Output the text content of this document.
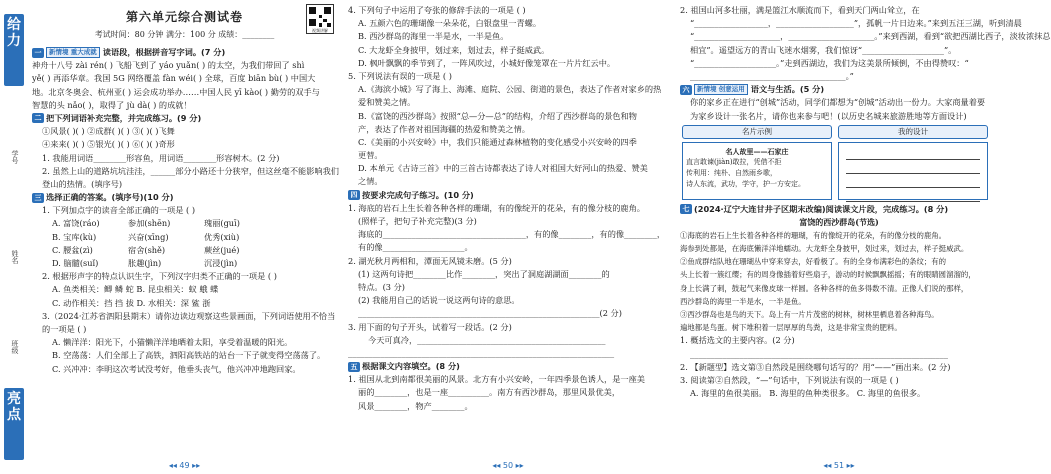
给力
学号
姓名
班级
亮点
第六单元综合测试卷
考试时间：80 分钟 满分：100 分 成绩：________	视频讲解
一 新情境 重大成就 读语段，根据拼音写字词。(7 分)
神舟十八号 zài rén( ) 飞船飞到了 yáo yuǎn( ) 的太空，为我们带回了 shì
yě( ) 再添华章。我国 5G 网络覆盖 fàn wéi( ) 全球，百度 biān bù( ) 中国大
地。北京冬奥会、杭州亚( ) 运会成功举办……中国人民 yī kào( ) 勤劳的双手与
智慧的头 nǎo( )，取得了 jù dà( ) 的成就！
二 把下列词语补充完整，并完成练习。(9 分)
①风景( )( ) ②成群( )( ) ③( )( )飞舞
④来来( )( ) ⑤银光( )( ) ⑥( )( )奇形
1. 我能用词语________形容鱼，用词语________形容树木。(2 分)
2. 虽然上山的道路坑坑洼洼，______部分小路还十分狭窄，但这丝毫不能影响我们
登山的热情。(填序号)
三 选择正确的答案。(填序号)(10 分)
1. 下列加点字的读音全部正确的一项是 ( )
A. 富饶(ráo)	参加(shēn)	瑰丽(guī)
B. 宝库(kù)	兴奋(xīng)	优秀(xiù)
C. 腰盆(zì)	宿舍(shě)	蕨丝(jué)
D. 脑髓(suǐ)	胀趣(jìn)	沉浸(jìn)
2. 根据形声字的特点认识生字，下列汉字归类不正确的一项是 ( )
A. 鱼类相关：鲫 鳞 蛇 B. 昆虫相关：蚁 蛾 蝶
C. 动作相关：挡 挡 拔 D. 水相关：深 鲨 浙
3.（2024·江苏省泗阳县期末）请你边读边观察这些景画面，下列词语使用不恰当
的一项是 ( )
A. 懒洋洋：阳光下，小猫懒洋洋地晒着太阳，享受着温暖的阳光。
B. 空荡荡：人们全部上了高铁，泗阳高铁站的站台一下子就变得空荡荡了。
C. 兴冲冲：李明这次考试没考好，他垂头丧气，他兴冲冲地跑回家。
◂◂ 49 ▸▸
4. 下列句子中运用了夸张的修辞手法的一项是 ( )
A. 五颜六色的珊瑚像一朵朵花，白银盘里一青螺。
B. 西沙群岛的海里一半是水，一半是鱼。
C. 大龙虾全身披甲，划过来，划过去，样子挺威武。
D. 枫叶飘飘的季节到了，一阵风吹过，小城好像笼罩在一片片红云中。
5. 下列说法有误的一项是 ( )
A.《海滨小城》写了海上、海滩、庭院、公园、街道的景色，表达了作者对家乡的热
爱和赞美之情。
B.《富饶的西沙群岛》按照“总—分—总”的结构，介绍了西沙群岛的景色和物
产，表达了作者对祖国海疆的热爱和赞美之情。
C.《美丽的小兴安岭》中，我们只能通过森林植物的变化感受小兴安岭的四季
更替。
D. 本单元《古诗三首》中的三首古诗都表达了诗人对祖国大好河山的热爱、赞美
之情。
四 按要求完成句子练习。(10 分)
1. 海底的岩石上生长着各种各样的珊瑚，有的像绽开的花朵，有的像分枝的鹿角。
(照样子，把句子补充完整)(3 分)
海底的___________________________________，有的像________，有的像________，
有的像____________________。
2. 湖光秋月两相和，潭面无风镜未磨。(5 分)
(1) 这两句诗把________比作________，突出了洞庭湖湖面________的
特点。(3 分)
(2) 我能用自己的话说一说这两句诗的意思。
___________________________________________________________(2 分)
3. 用下面的句子开头，试着写一段话。(2 分)
今天可真冷，______________________________________________
_________________________________________________________________
五 根据课文内容填空。(8 分)
1. 祖国从北到南都很美丽的风景。北方有小兴安岭，一年四季景色诱人，是一座美
丽的________，也是一座__________。南方有西沙群岛，那里风景优美，
风景________，物产________。
◂◂ 50 ▸▸
2. 祖国山河多壮丽，满是篮江水顺流而下，看到天门两山耸立，在
“__________________，___________________”，孤帆一片日边来。”来到五汪三湖，听到清晨
“_____________________，_____________________。”来到西湖，看到“欲把西湖比西子，淡妆浓抹总
相宜”。遥望远方的青山飞迷水烟雾，我们惊讶“____________________”。
“____________________。”走到西湖边，我们为这美景所倾倒，不由得赞叹：“
______________________________________。”
六 新情境 创意运用 语文与生活。(5 分)
你的家乡正在进行“创城”活动，同学们都想为“创城”活动出一份力。大家商量着要
为家乡设计一张名片，请你也来参与吧！(以历史名城来旅游胜地等方面设计)
名片示例
名人故里——石家庄
直言敢谏(jiàn)敢拉，凭借不拒
传利用：纯朴、自然雨乡歌，
诗人东流，武功，学守，护一方安定。
我的设计
七 (2024·辽宁大连甘井子区期末改编)阅读课文片段，完成练习。(8 分)
富饶的西沙群岛(节选)
①海底的岩石上生长着各种各样的珊瑚，有的像绽开的花朵，有的像分枝的鹿角。
海参到处都是，在海底懒洋洋地蠕动。大龙虾全身披甲，划过来，划过去，样子挺威武。
②鱼成群结队地在珊瑚丛中穿来穿去，好看极了。有的全身布满彩色的条纹；有的
头上长着一簇红缨；有的周身像插着好些扇子，游动的时候飘飘摇摇；有的眼睛圆溜溜的，
身上长满了刺，鼓起气来像皮球一样圆。各种各样的鱼多得数不清。正像人们说的那样，
西沙群岛的海里一半是水，一半是鱼。
③西沙群岛也是鸟的天下。岛上有一片片茂密的树林，树林里栖息着各种海鸟。
遍地都是鸟蛋。树下堆积着一层厚厚的鸟粪，这是非常宝贵的肥料。
1. 概括选文的主要内容。(2 分)
_______________________________________________________________
2. 【新题型】选文第③自然段是围绕哪句话写的？用“——”画出来。(2 分)
3. 阅读第②自然段，“—”句话中，下列说法有误的一项是 ( )
A. 海里的鱼很美丽。 B. 海里的鱼种类很多。 C. 海里的鱼很多。
◂◂ 51 ▸▸
